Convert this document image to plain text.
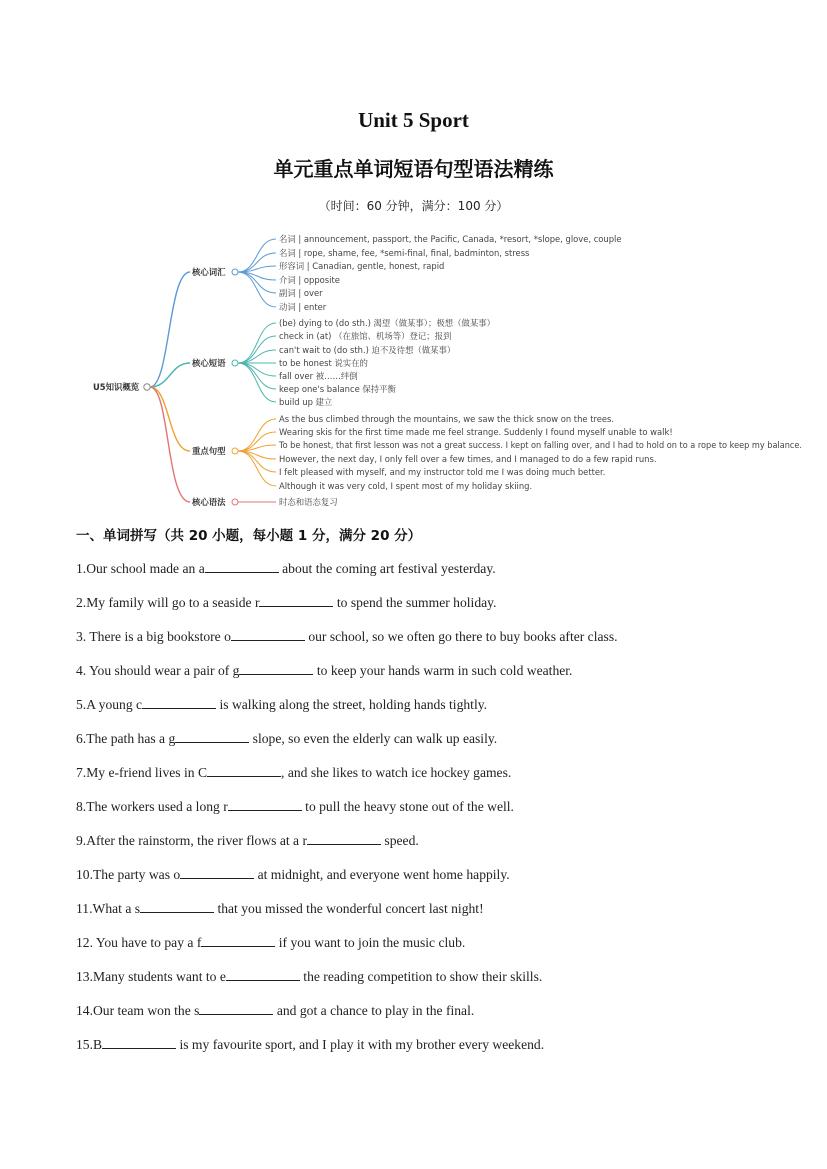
Unit 5 Sport
单元重点单词短语句型语法精练
（时间：60 分钟，满分：100 分）
U5知识概览
核心词汇
名词 | announcement, passport, the Pacific, Canada, *resort, *slope, glove, couple
名词 | rope, shame, fee, *semi-final, final, badminton, stress
形容词 | Canadian, gentle, honest, rapid
介词 | opposite
副词 | over
动词 | enter
核心短语
(be) dying to (do sth.) 渴望（做某事）；极想（做某事）
check in (at) （在旅馆、机场等）登记；报到
can't wait to (do sth.) 迫不及待想（做某事）
to be honest 说实在的
fall over 被……绊倒
keep one's balance 保持平衡
build up 建立
重点句型
As the bus climbed through the mountains, we saw the thick snow on the trees.
Wearing skis for the first time made me feel strange. Suddenly I found myself unable to walk!
To be honest, that first lesson was not a great success. I kept on falling over, and I had to hold on to a rope to keep my balance.
However, the next day, I only fell over a few times, and I managed to do a few rapid runs.
I felt pleased with myself, and my instructor told me I was doing much better.
Although it was very cold, I spent most of my holiday skiing.
核心语法	时态和语态复习
一、单词拼写（共 20 小题，每小题 1 分，满分 20 分）
1.Our school made an a	about the coming art festival yesterday.
2.My family will go to a seaside r	to spend the summer holiday.
3. There is a big bookstore o	our school, so we often go there to buy books after class.
4. You should wear a pair of g	to keep your hands warm in such cold weather.
5.A young c	is walking along the street, holding hands tightly.
6.The path has a g	slope, so even the elderly can walk up easily.
7.My e-friend lives in C	, and she likes to watch ice hockey games.
8.The workers used a long r	to pull the heavy stone out of the well.
9.After the rainstorm, the river flows at a r	speed.
10.The party was o	at midnight, and everyone went home happily.
11.What a s	that you missed the wonderful concert last night!
12. You have to pay a f	if you want to join the music club.
13.Many students want to e	the reading competition to show their skills.
14.Our team won the s	and got a chance to play in the final.
15.B	is my favourite sport, and I play it with my brother every weekend.
